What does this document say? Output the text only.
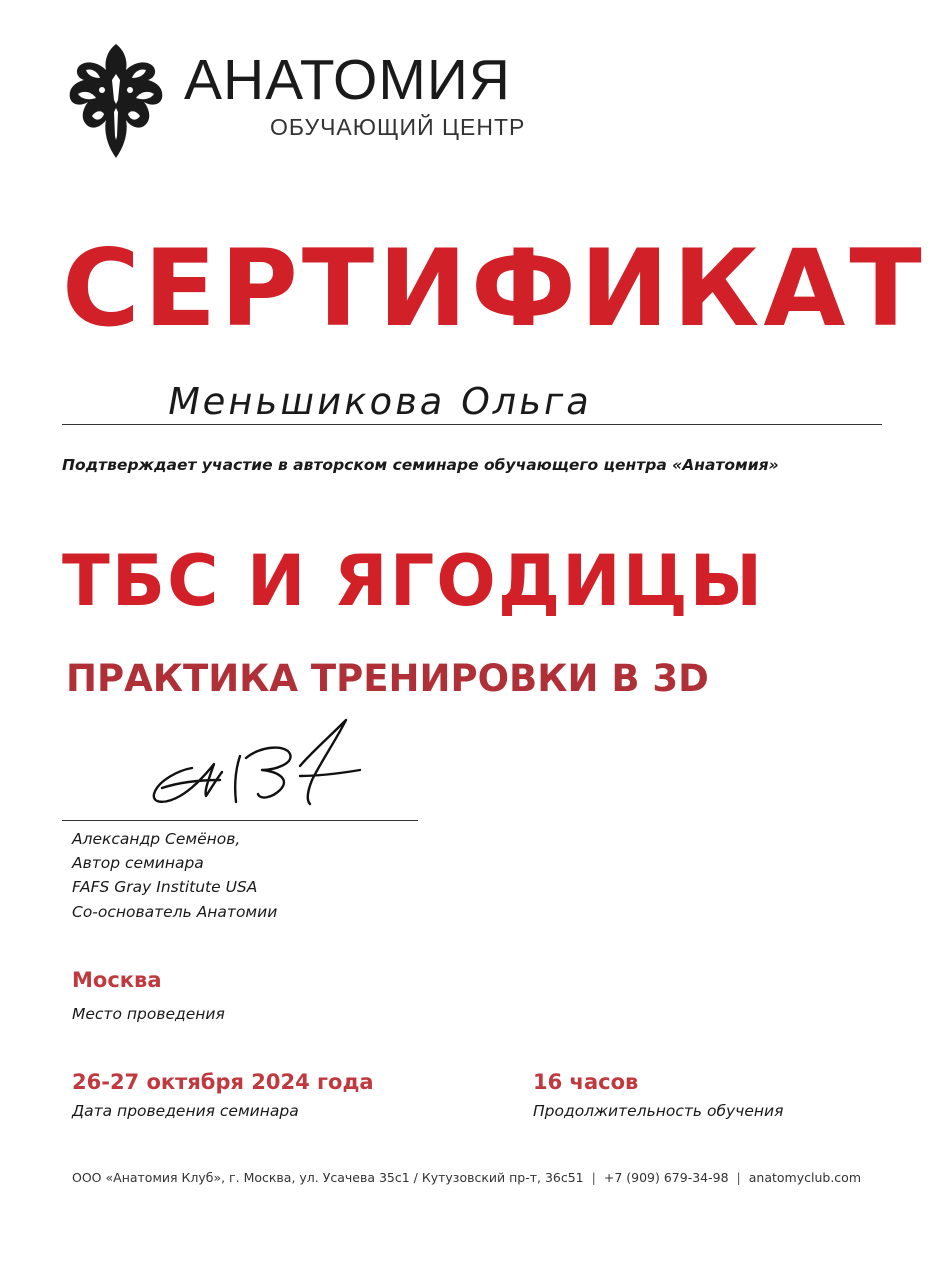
АНАТОМИЯ
ОБУЧАЮЩИЙ ЦЕНТР
СЕРТИФИКАТ
Меньшикова Ольга
Подтверждает участие в авторском семинаре обучающего центра «Анатомия»
ТБС И ЯГОДИЦЫ
ПРАКТИКА ТРЕНИРОВКИ В 3D
Александр Семёнов,
Автор семинара
FAFS Gray Institute USA
Со-основатель Анатомии
Москва
Место проведения
26-27 октября 2024 года
Дата проведения семинара
16 часов
Продолжительность обучения
ООО «Анатомия Клуб», г. Москва, ул. Усачева 35с1 / Кутузовский пр-т, 36с51 | +7 (909) 679-34-98 | anatomyclub.com
